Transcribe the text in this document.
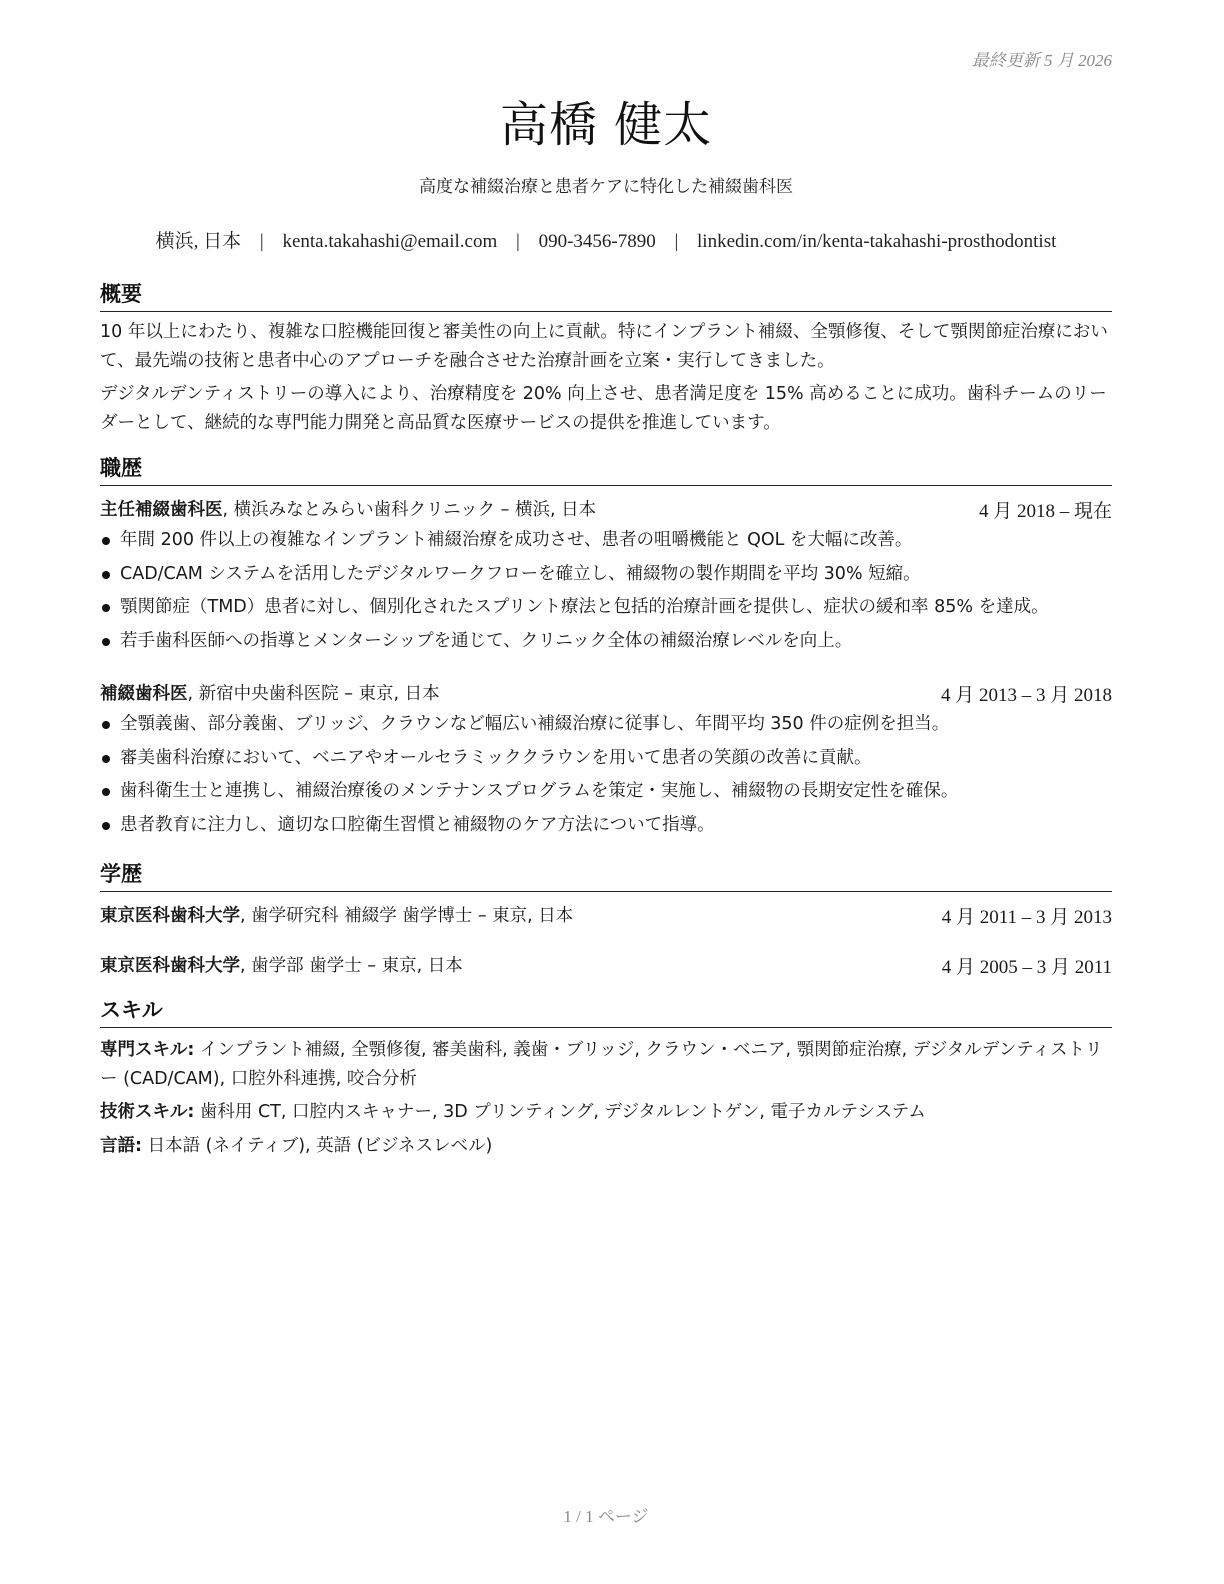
最終更新 5 月 2026
高橋 健太
高度な補綴治療と患者ケアに特化した補綴歯科医
横浜, 日本 | kenta.takahashi@email.com | 090-3456-7890 | linkedin.com/in/kenta-takahashi-prosthodontist
概要
10 年以上にわたり、複雑な口腔機能回復と審美性の向上に貢献。特にインプラント補綴、全顎修復、そして顎関節症治療において、最先端の技術と患者中心のアプローチを融合させた治療計画を立案・実行してきました。
デジタルデンティストリーの導入により、治療精度を 20% 向上させ、患者満足度を 15% 高めることに成功。歯科チームのリーダーとして、継続的な専門能力開発と高品質な医療サービスの提供を推進しています。
職歴
主任補綴歯科医, 横浜みなとみらい歯科クリニック – 横浜, 日本	4 月 2018 – 現在
年間 200 件以上の複雑なインプラント補綴治療を成功させ、患者の咀嚼機能と QOL を大幅に改善。
CAD/CAM システムを活用したデジタルワークフローを確立し、補綴物の製作期間を平均 30% 短縮。
顎関節症（TMD）患者に対し、個別化されたスプリント療法と包括的治療計画を提供し、症状の緩和率 85% を達成。
若手歯科医師への指導とメンターシップを通じて、クリニック全体の補綴治療レベルを向上。
補綴歯科医, 新宿中央歯科医院 – 東京, 日本	4 月 2013 – 3 月 2018
全顎義歯、部分義歯、ブリッジ、クラウンなど幅広い補綴治療に従事し、年間平均 350 件の症例を担当。
審美歯科治療において、ベニアやオールセラミッククラウンを用いて患者の笑顔の改善に貢献。
歯科衛生士と連携し、補綴治療後のメンテナンスプログラムを策定・実施し、補綴物の長期安定性を確保。
患者教育に注力し、適切な口腔衛生習慣と補綴物のケア方法について指導。
学歴
東京医科歯科大学, 歯学研究科 補綴学 歯学博士 – 東京, 日本	4 月 2011 – 3 月 2013
東京医科歯科大学, 歯学部 歯学士 – 東京, 日本	4 月 2005 – 3 月 2011
スキル
専門スキル: インプラント補綴, 全顎修復, 審美歯科, 義歯・ブリッジ, クラウン・ベニア, 顎関節症治療, デジタルデンティストリー (CAD/CAM), 口腔外科連携, 咬合分析
技術スキル: 歯科用 CT, 口腔内スキャナー, 3D プリンティング, デジタルレントゲン, 電子カルテシステム
言語: 日本語 (ネイティブ), 英語 (ビジネスレベル)
1 / 1 ページ
